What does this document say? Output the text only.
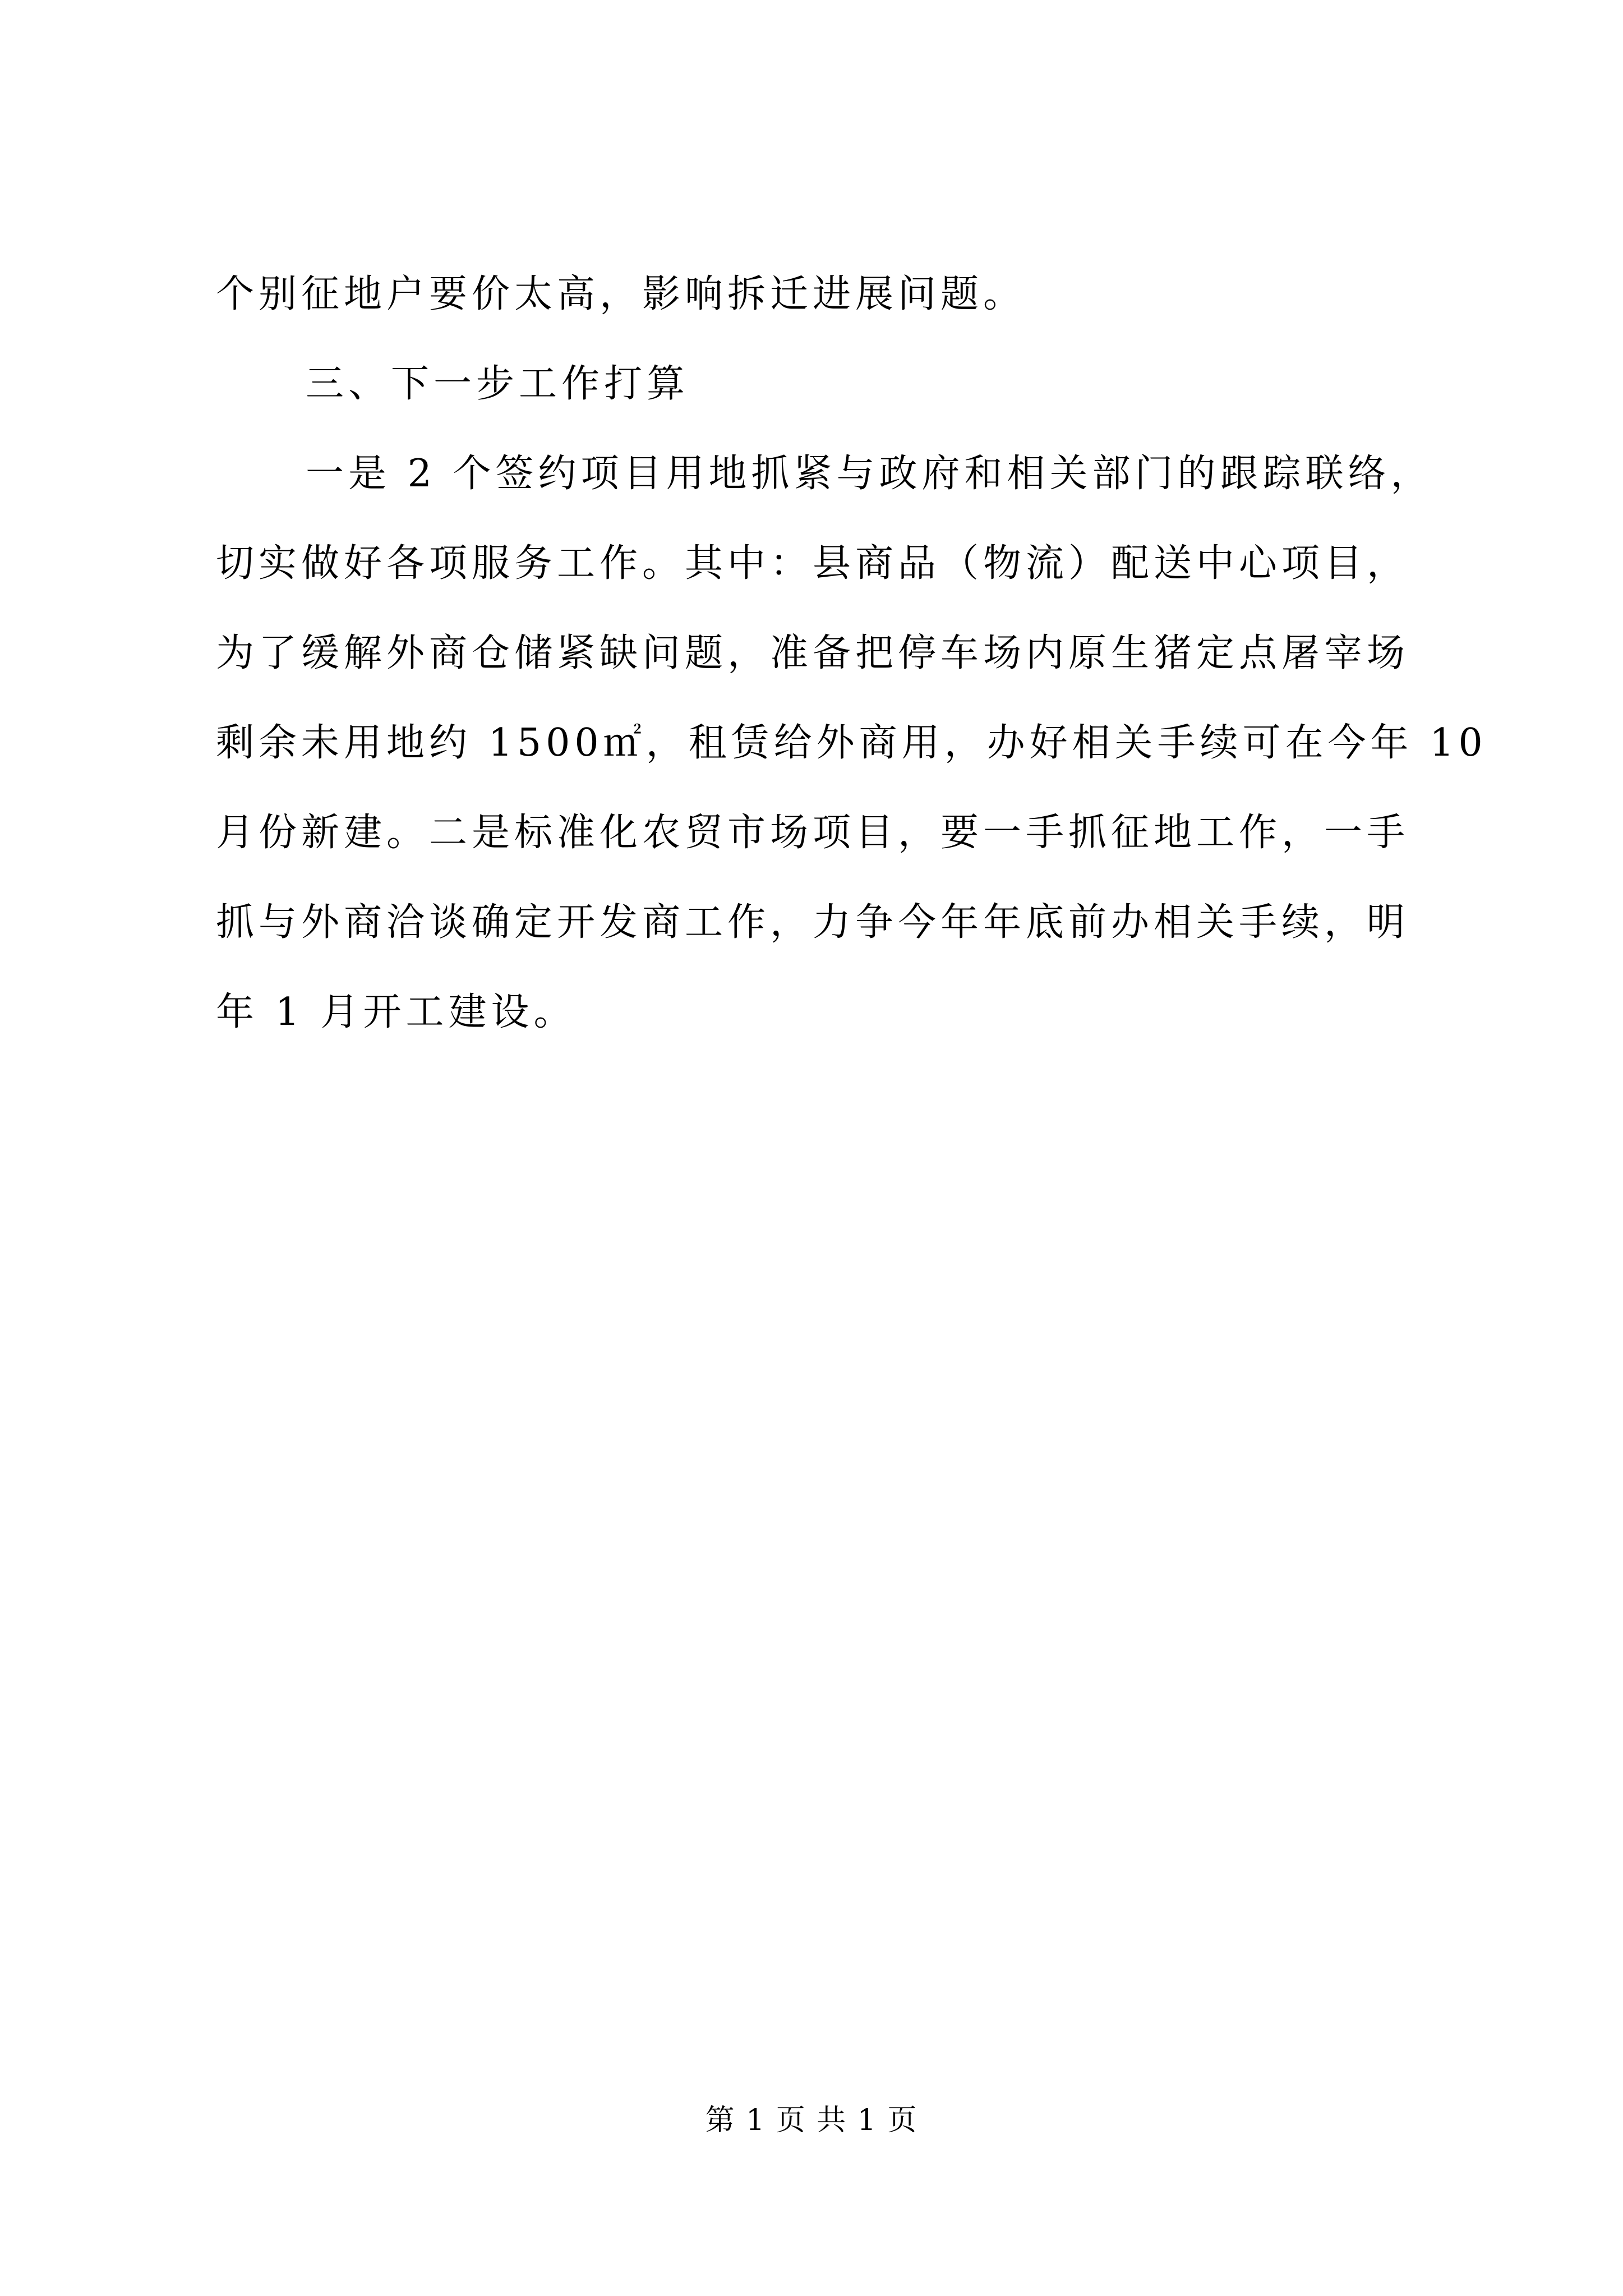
个别征地户要价太高，影响拆迁进展问题。
三、下一步工作打算
一是 2 个签约项目用地抓紧与政府和相关部门的跟踪联络，
切实做好各项服务工作。其中：县商品（物流）配送中心项目，
为了缓解外商仓储紧缺问题，准备把停车场内原生猪定点屠宰场
剩余未用地约 1500㎡，租赁给外商用，办好相关手续可在今年 10
月份新建。二是标准化农贸市场项目，要一手抓征地工作，一手
抓与外商洽谈确定开发商工作，力争今年年底前办相关手续，明
年 1 月开工建设。
第 1 页 共 1 页
